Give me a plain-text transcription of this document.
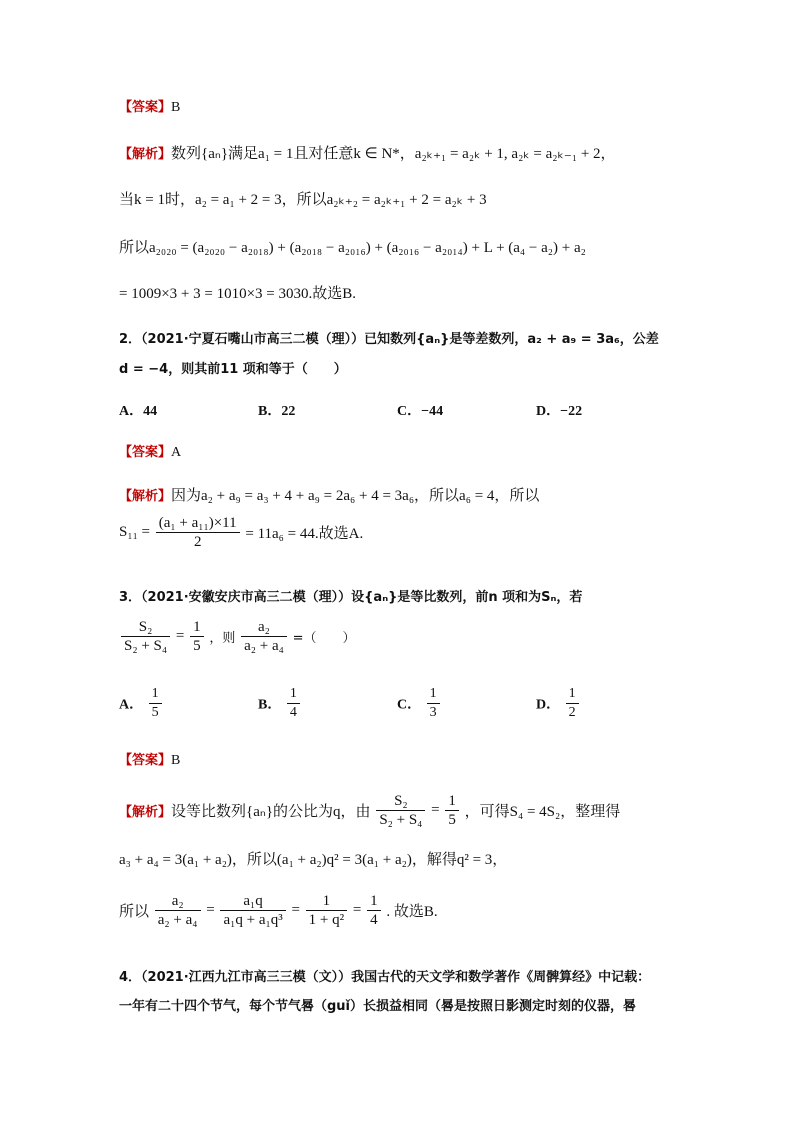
【答案】B
【解析】数列{aₙ}满足a₁ = 1且对任意k ∈ N*，a₂ₖ₊₁ = a₂ₖ + 1, a₂ₖ = a₂ₖ₋₁ + 2，
当k = 1时，a₂ = a₁ + 2 = 3，所以a₂ₖ₊₂ = a₂ₖ₊₁ + 2 = a₂ₖ + 3
所以a₂₀₂₀ = (a₂₀₂₀ − a₂₀₁₈) + (a₂₀₁₈ − a₂₀₁₆) + (a₂₀₁₆ − a₂₀₁₄) + L + (a₄ − a₂) + a₂
= 1009×3 + 3 = 1010×3 = 3030.故选B.
2．（2021·宁夏石嘴山市高三二模（理））已知数列{aₙ}是等差数列，a₂ + a₉ = 3a₆，公差
d = −4，则其前11 项和等于（　　）
A．44	B．22	C．−44	D．−22
【答案】A
【解析】因为a₂ + a₉ = a₃ + 4 + a₉ = 2a₆ + 4 = 3a₆，所以a₆ = 4，所以
$S_{11} = \frac{\text{(a₁ + a₁₁)×11}}{2} = 11a_6 = 44$.故选A.
3．（2021·安徽安庆市高三二模（理））设{aₙ}是等比数列，前n 项和为Sₙ，若
$\frac{\text{S₂}}{\text{S₂ + S₄}} = \frac{1}{5}$ ，则 $\frac{\text{a₂}}{\text{a₂ + a₄}}$ =（　　）
A． $\frac{1}{5}$	B． $\frac{1}{4}$	C． $\frac{1}{3}$	D． $\frac{1}{2}$
【答案】B
【解析】设等比数列{aₙ}的公比为q，由 $\frac{\text{S₂}}{\text{S₂ + S₄}} = \frac{1}{5}$ ，可得S₄ = 4S₂，整理得
a₃ + a₄ = 3(a₁ + a₂)，所以(a₁ + a₂)q² = 3(a₁ + a₂)，解得q² = 3，
所以 $\frac{\text{a₂}}{\text{a₂ + a₄}} = \frac{\text{a₁q}}{\text{a₁q + a₁q³}} = \frac{1}{\text{1 + q²}} = \frac{1}{4}$ . 故选B.
4．（2021·江西九江市高三三模（文））我国古代的天文学和数学著作《周髀算经》中记载：
一年有二十四个节气，每个节气晷（guǐ）长损益相同（晷是按照日影测定时刻的仪器，晷
